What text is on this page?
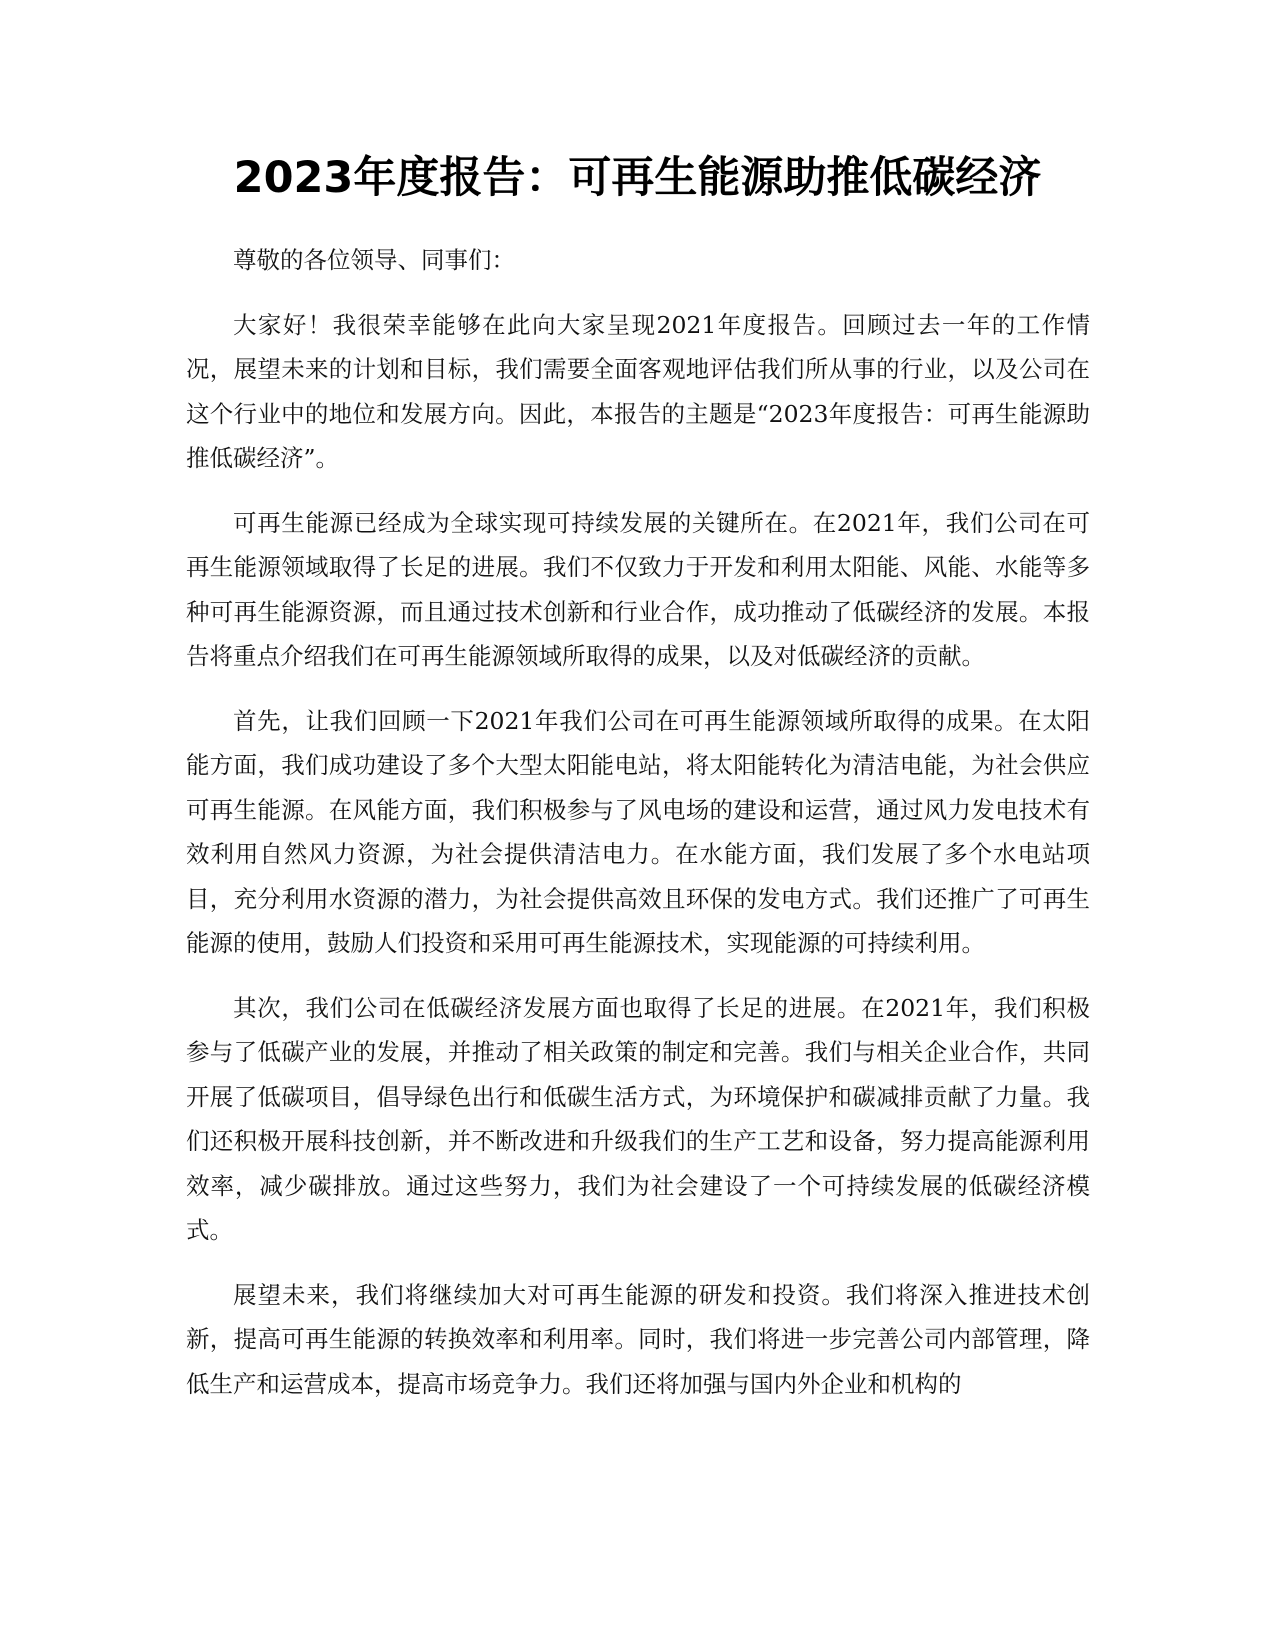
2023年度报告：可再生能源助推低碳经济

尊敬的各位领导、同事们：

大家好！我很荣幸能够在此向大家呈现2021年度报告。回顾过去一年的工作情况，展望未来的计划和目标，我们需要全面客观地评估我们所从事的行业，以及公司在这个行业中的地位和发展方向。因此，本报告的主题是“2023年度报告：可再生能源助推低碳经济”。

可再生能源已经成为全球实现可持续发展的关键所在。在2021年，我们公司在可再生能源领域取得了长足的进展。我们不仅致力于开发和利用太阳能、风能、水能等多种可再生能源资源，而且通过技术创新和行业合作，成功推动了低碳经济的发展。本报告将重点介绍我们在可再生能源领域所取得的成果，以及对低碳经济的贡献。

首先，让我们回顾一下2021年我们公司在可再生能源领域所取得的成果。在太阳能方面，我们成功建设了多个大型太阳能电站，将太阳能转化为清洁电能，为社会供应可再生能源。在风能方面，我们积极参与了风电场的建设和运营，通过风力发电技术有效利用自然风力资源，为社会提供清洁电力。在水能方面，我们发展了多个水电站项目，充分利用水资源的潜力，为社会提供高效且环保的发电方式。我们还推广了可再生能源的使用，鼓励人们投资和采用可再生能源技术，实现能源的可持续利用。

其次，我们公司在低碳经济发展方面也取得了长足的进展。在2021年，我们积极参与了低碳产业的发展，并推动了相关政策的制定和完善。我们与相关企业合作，共同开展了低碳项目，倡导绿色出行和低碳生活方式，为环境保护和碳减排贡献了力量。我们还积极开展科技创新，并不断改进和升级我们的生产工艺和设备，努力提高能源利用效率，减少碳排放。通过这些努力，我们为社会建设了一个可持续发展的低碳经济模式。

展望未来，我们将继续加大对可再生能源的研发和投资。我们将深入推进技术创新，提高可再生能源的转换效率和利用率。同时，我们将进一步完善公司内部管理，降低生产和运营成本，提高市场竞争力。我们还将加强与国内外企业和机构的
